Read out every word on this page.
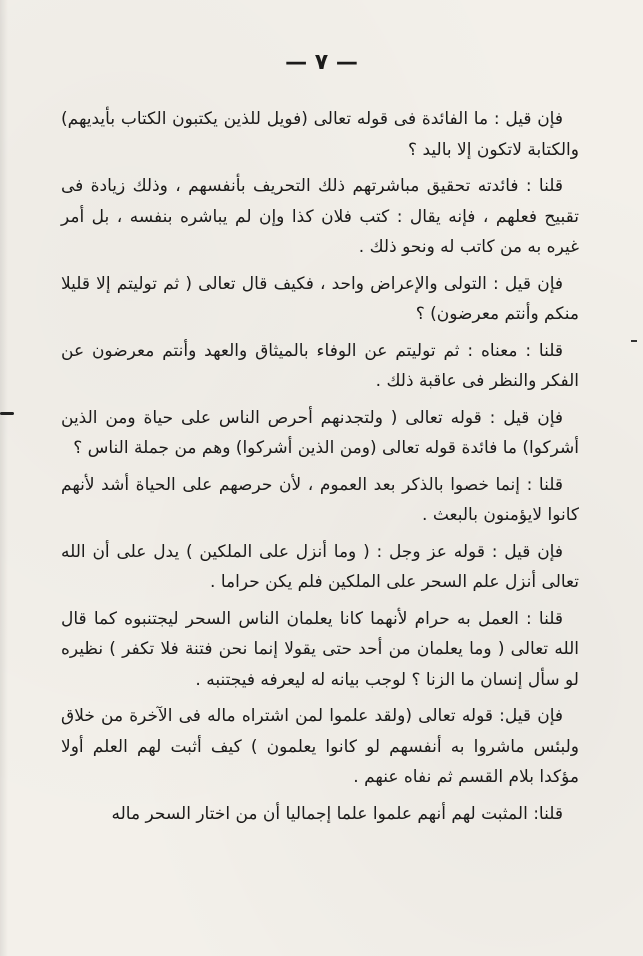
— ٧ —

فإن قيل : ما الفائدة فى قوله تعالى (فويل للذين يكتبون الكتاب بأيديهم) والكتابة لاتكون إلا باليد ؟

قلنا : فائدته تحقيق مباشرتهم ذلك التحريف بأنفسهم ، وذلك زيادة فى تقبيح فعلهم ، فإنه يقال : كتب فلان كذا وإن لم يباشره بنفسه ، بل أمر غيره به من كاتب له ونحو ذلك .

فإن قيل : التولى والإعراض واحد ، فكيف قال تعالى ( ثم توليتم إلا قليلا منكم وأنتم معرضون) ؟

قلنا : معناه : ثم توليتم عن الوفاء بالميثاق والعهد وأنتم معرضون عن الفكر والنظر فى عاقبة ذلك .

فإن قيل : قوله تعالى ( ولتجدنهم أحرص الناس على حياة ومن الذين أشركوا) ما فائدة قوله تعالى (ومن الذين أشركوا) وهم من جملة الناس ؟

قلنا : إنما خصوا بالذكر بعد العموم ، لأن حرصهم على الحياة أشد لأنهم كانوا لايؤمنون بالبعث .

فإن قيل : قوله عز وجل : ( وما أنزل على الملكين ) يدل على أن الله تعالى أنزل علم السحر على الملكين فلم يكن حراما .

قلنا : العمل به حرام لأنهما كانا يعلمان الناس السحر ليجتنبوه كما قال الله تعالى ( وما يعلمان من أحد حتى يقولا إنما نحن فتنة فلا تكفر ) نظيره لو سأل إنسان ما الزنا ؟ لوجب بيانه له ليعرفه فيجتنبه .

فإن قيل: قوله تعالى (ولقد علموا لمن اشتراه ماله فى الآخرة من خلاق ولبئس ماشروا به أنفسهم لو كانوا يعلمون ) كيف أثبت لهم العلم أولا مؤكدا بلام القسم ثم نفاه عنهم .

قلنا: المثبت لهم أنهم علموا علما إجماليا أن من اختار السحر ماله
